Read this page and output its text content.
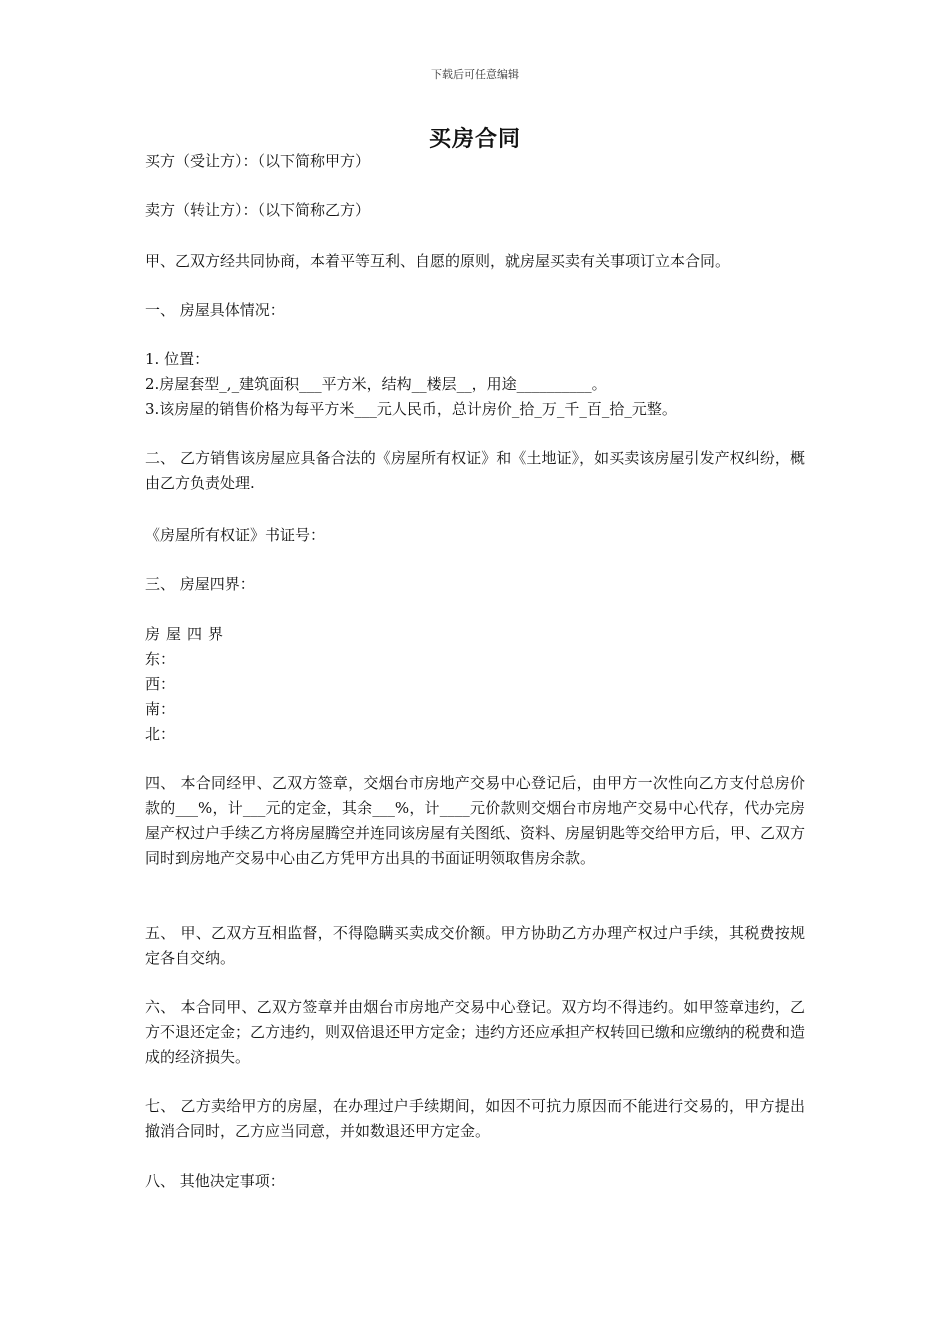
下载后可任意编辑
买房合同
买方（受让方）：（以下简称甲方）
卖方（转让方）：（以下简称乙方）
甲、乙双方经共同协商，本着平等互利、自愿的原则，就房屋买卖有关事项订立本合同。
一、 房屋具体情况：
1. 位置：
2.房屋套型_,_建筑面积___平方米，结构__楼层__，用途__________。
3.该房屋的销售价格为每平方米___元人民币，总计房价_拾_万_千_百_拾_元整。
二、 乙方销售该房屋应具备合法的《房屋所有权证》和《土地证》，如买卖该房屋引发产权纠纷，概由乙方负责处理.
《房屋所有权证》书证号：
三、 房屋四界：
房屋四界
东：
西：
南：
北：
四、 本合同经甲、乙双方签章，交烟台市房地产交易中心登记后，由甲方一次性向乙方支付总房价款的___%，计___元的定金，其余___%，计____元价款则交烟台市房地产交易中心代存，代办完房屋产权过户手续乙方将房屋腾空并连同该房屋有关图纸、资料、房屋钥匙等交给甲方后，甲、乙双方同时到房地产交易中心由乙方凭甲方出具的书面证明领取售房余款。
五、 甲、乙双方互相监督，不得隐瞒买卖成交价额。甲方协助乙方办理产权过户手续，其税费按规定各自交纳。
六、 本合同甲、乙双方签章并由烟台市房地产交易中心登记。双方均不得违约。如甲签章违约，乙方不退还定金；乙方违约，则双倍退还甲方定金；违约方还应承担产权转回已缴和应缴纳的税费和造成的经济损失。
七、 乙方卖给甲方的房屋，在办理过户手续期间，如因不可抗力原因而不能进行交易的，甲方提出撤消合同时，乙方应当同意，并如数退还甲方定金。
八、 其他决定事项：
